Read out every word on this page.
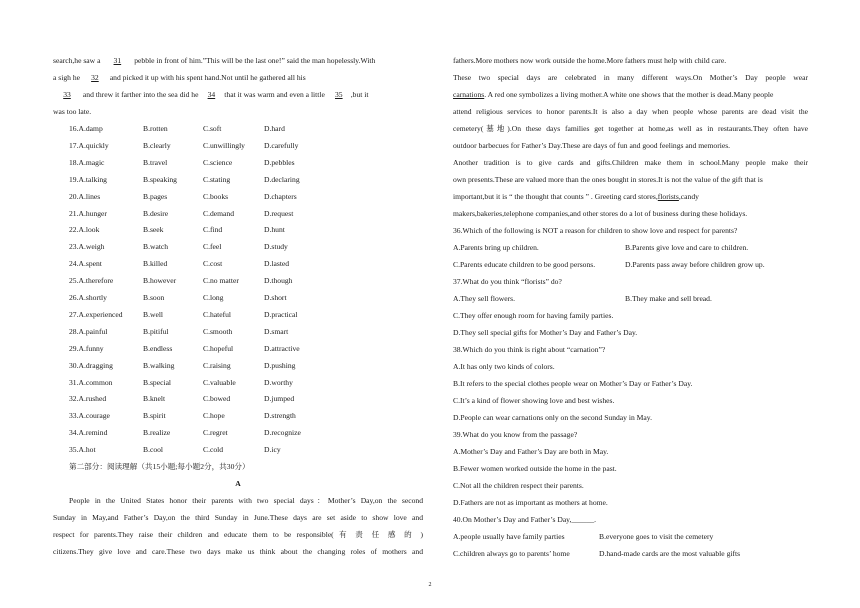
search,he saw a 31 pebble in front of him.”This will be the last one!” said the man hopelessly.With
a sigh he 32 and picked it up with his spent hand.Not until he gathered all his
33 and threw it farther into the sea did he 34 that it was warm and even a little 35 ,but it
was too late.
16.A.damp	B.rotten	C.soft	D.hard
17.A.quickly	B.clearly	C.unwillingly	D.carefully
18.A.magic	B.travel	C.science	D.pebbles
19.A.talking	B.speaking	C.stating	D.declaring
20.A.lines	B.pages	C.books	D.chapters
21.A.hunger	B.desire	C.demand	D.request
22.A.look	B.seek	C.find	D.hunt
23.A.weigh	B.watch	C.feel	D.study
24.A.spent	B.killed	C.cost	D.lasted
25.A.therefore	B.however	C.no matter	D.though
26.A.shortly	B.soon	C.long	D.short
27.A.experienced	B.well	C.hateful	D.practical
28.A.painful	B.pitiful	C.smooth	D.smart
29.A.funny	B.endless	C.hopeful	D.attractive
30.A.dragging	B.walking	C.raising	D.pushing
31.A.common	B.special	C.valuable	D.worthy
32.A.rushed	B.knelt	C.bowed	D.jumped
33.A.courage	B.spirit	C.hope	D.strength
34.A.remind	B.realize	C.regret	D.recognize
35.A.hot	B.cool	C.cold	D.icy
第二部分：阅读理解（共15小题;每小题2分，共30分）
A
People in the United States honor their parents with two special days：Mother’s Day,on the second
Sunday in May,and Father’s Day,on the third Sunday in June.These days are set aside to show love and
respect for parents.They raise their children and educate them to be responsible( 有 责 任 感 的 )
citizens.They give love and care.These two days make us think about the changing roles of mothers and
fathers.More mothers now work outside the home.More fathers must help with child care.
These two special days are celebrated in many different ways.On Mother’s Day people wear
carnations. A red one symbolizes a living mother.A white one shows that the mother is dead.Many people
attend religious services to honor parents.It is also a day when people whose parents are dead visit the
cemetery(墓地).On these days families get together at home,as well as in restaurants.They often have
outdoor barbecues for Father’s Day.These are days of fun and good feelings and memories.
Another tradition is to give cards and gifts.Children make them in school.Many people make their
own presents.These are valued more than the ones bought in stores.It is not the value of the gift that is
important,but it is “ the thought that counts ” . Greeting card stores,florists,candy
makers,bakeries,telephone companies,and other stores do a lot of business during these holidays.
36.Which of the following is NOT a reason for children to show love and respect for parents?
A.Parents bring up children.	B.Parents give love and care to children.
C.Parents educate children to be good persons.	D.Parents pass away before children grow up.
37.What do you think “florists” do?
A.They sell flowers.	B.They make and sell bread.
C.They offer enough room for having family parties.
D.They sell special gifts for Mother’s Day and Father’s Day.
38.Which do you think is right about “carnation”?
A.It has only two kinds of colors.
B.It refers to the special clothes people wear on Mother’s Day or Father’s Day.
C.It’s a kind of flower showing love and best wishes.
D.People can wear carnations only on the second Sunday in May.
39.What do you know from the passage?
A.Mother’s Day and Father’s Day are both in May.
B.Fewer women worked outside the home in the past.
C.Not all the children respect their parents.
D.Fathers are not as important as mothers at home.
40.On Mother’s Day and Father’s Day,______.
A.people usually have family parties	B.everyone goes to visit the cemetery
C.children always go to parents’ home	D.hand-made cards are the most valuable gifts
2
